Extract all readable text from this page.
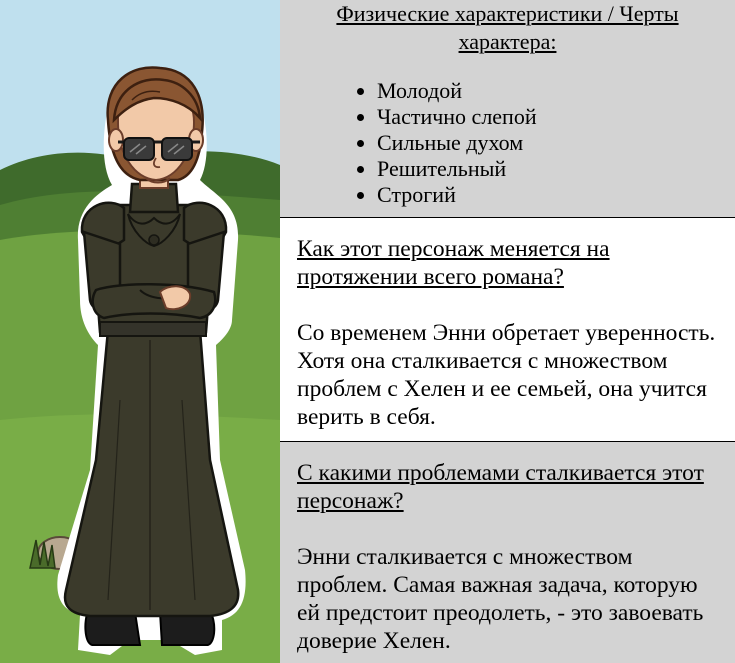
Физические характеристики / Черты характера:

• Молодой
• Частично слепой
• Сильные духом
• Решительный
• Строгий

Как этот персонаж меняется на протяжении всего романа?

Со временем Энни обретает уверенность. Хотя она сталкивается с множеством проблем с Хелен и ее семьей, она учится верить в себя.

С какими проблемами сталкивается этот персонаж?

Энни сталкивается с множеством проблем. Самая важная задача, которую ей предстоит преодолеть, - это завоевать доверие Хелен.
